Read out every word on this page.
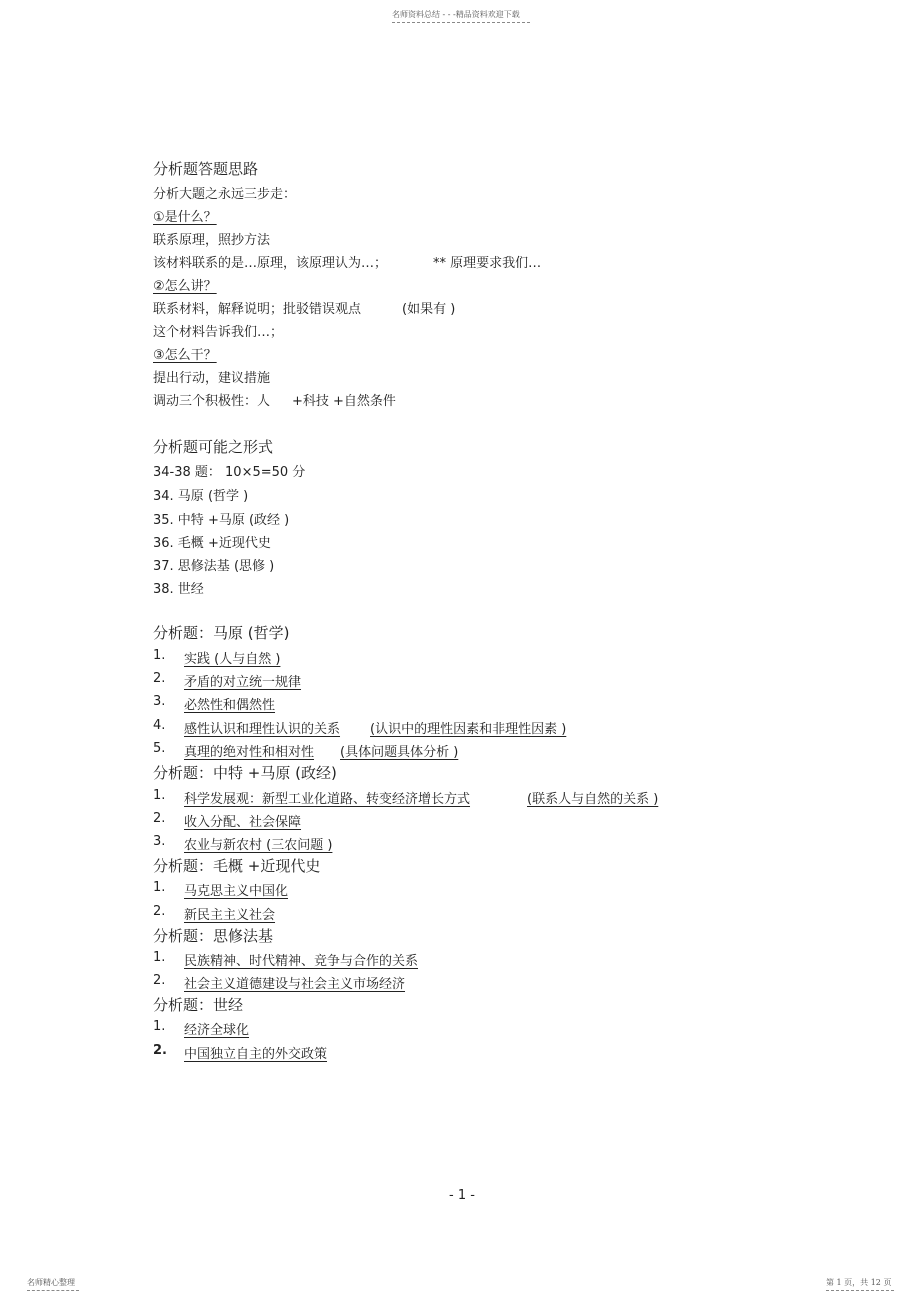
名师资料总结 - - -精品资料欢迎下载
分析题答题思路
分析大题之永远三步走：
①是什么？
联系原理，照抄方法
该材料联系的是…原理，该原理认为…；	** 原理要求我们…
②怎么讲？
联系材料，解释说明；批驳错误观点	(如果有 )
这个材料告诉我们…；
③怎么干？
提出行动，建议措施
调动三个积极性：人 +科技 +自然条件
分析题可能之形式
34-38 题： 10×5=50 分
34. 马原 (哲学 )
35. 中特 +马原 (政经 )
36. 毛概 +近现代史
37. 思修法基 (思修 )
38. 世经
分析题：马原 (哲学)
1. 实践 (人与自然 )
2. 矛盾的对立统一规律
3. 必然性和偶然性
4. 感性认识和理性认识的关系 (认识中的理性因素和非理性因素 )
5. 真理的绝对性和相对性 (具体问题具体分析 )
分析题：中特 +马原 (政经)
1. 科学发展观：新型工业化道路、转变经济增长方式	(联系人与自然的关系 )
2. 收入分配、社会保障
3. 农业与新农村 (三农问题 )
分析题：毛概 +近现代史
1. 马克思主义中国化
2. 新民主主义社会
分析题：思修法基
1. 民族精神、时代精神、竞争与合作的关系
2. 社会主义道德建设与社会主义市场经济
分析题：世经
1. 经济全球化
2. 中国独立自主的外交政策
- 1 -
名师精心整理	第 1 页，共 12 页
